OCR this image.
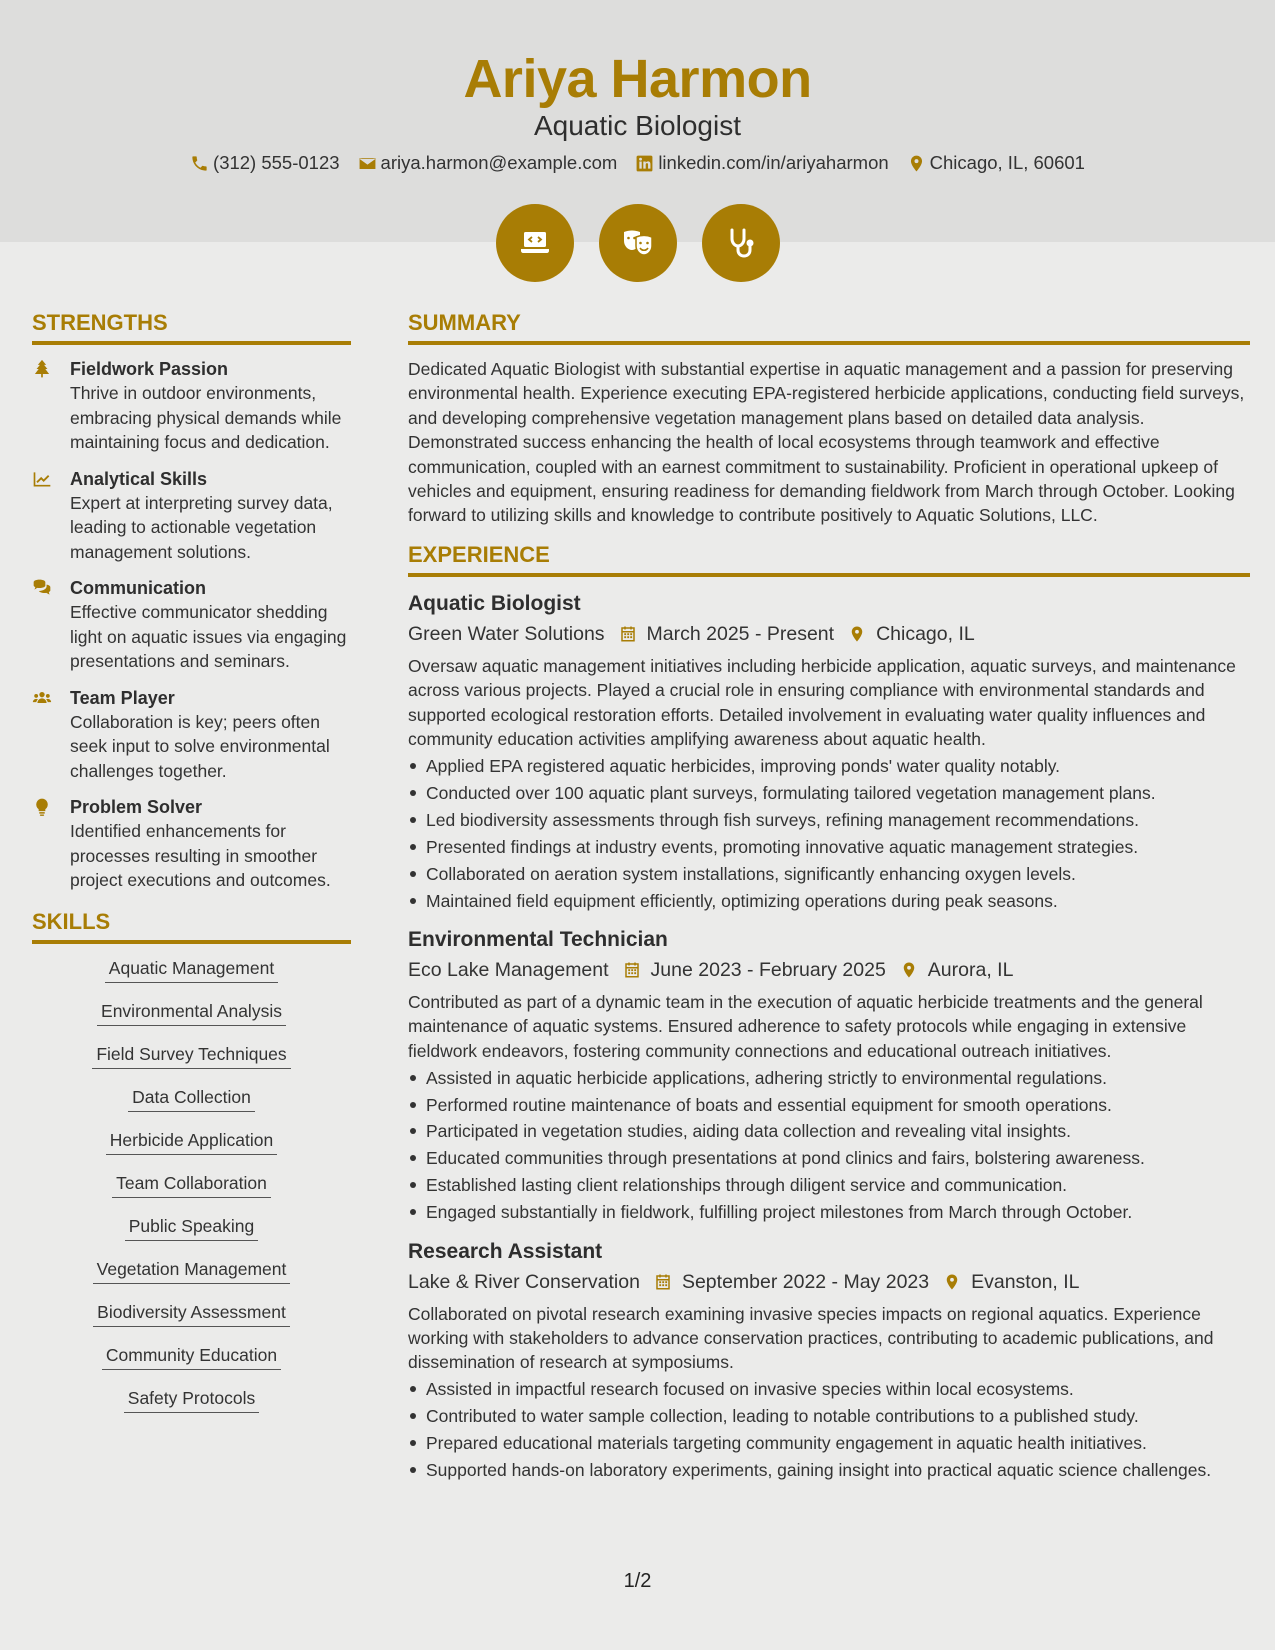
Ariya Harmon
Aquatic Biologist
(312) 555-0123 ariya.harmon@example.com linkedin.com/in/ariyaharmon Chicago, IL, 60601
STRENGTHS
Fieldwork Passion
Thrive in outdoor environments, embracing physical demands while maintaining focus and dedication.
Analytical Skills
Expert at interpreting survey data, leading to actionable vegetation management solutions.
Communication
Effective communicator shedding light on aquatic issues via engaging presentations and seminars.
Team Player
Collaboration is key; peers often seek input to solve environmental challenges together.
Problem Solver
Identified enhancements for processes resulting in smoother project executions and outcomes.
SKILLS
Aquatic Management
Environmental Analysis
Field Survey Techniques
Data Collection
Herbicide Application
Team Collaboration
Public Speaking
Vegetation Management
Biodiversity Assessment
Community Education
Safety Protocols
SUMMARY
Dedicated Aquatic Biologist with substantial expertise in aquatic management and a passion for preserving environmental health. Experience executing EPA-registered herbicide applications, conducting field surveys, and developing comprehensive vegetation management plans based on detailed data analysis. Demonstrated success enhancing the health of local ecosystems through teamwork and effective communication, coupled with an earnest commitment to sustainability. Proficient in operational upkeep of vehicles and equipment, ensuring readiness for demanding fieldwork from March through October. Looking forward to utilizing skills and knowledge to contribute positively to Aquatic Solutions, LLC.
EXPERIENCE
Aquatic Biologist
Green Water Solutions March 2025 - Present Chicago, IL
Oversaw aquatic management initiatives including herbicide application, aquatic surveys, and maintenance across various projects. Played a crucial role in ensuring compliance with environmental standards and supported ecological restoration efforts. Detailed involvement in evaluating water quality influences and community education activities amplifying awareness about aquatic health.
Applied EPA registered aquatic herbicides, improving ponds' water quality notably.
Conducted over 100 aquatic plant surveys, formulating tailored vegetation management plans.
Led biodiversity assessments through fish surveys, refining management recommendations.
Presented findings at industry events, promoting innovative aquatic management strategies.
Collaborated on aeration system installations, significantly enhancing oxygen levels.
Maintained field equipment efficiently, optimizing operations during peak seasons.
Environmental Technician
Eco Lake Management June 2023 - February 2025 Aurora, IL
Contributed as part of a dynamic team in the execution of aquatic herbicide treatments and the general maintenance of aquatic systems. Ensured adherence to safety protocols while engaging in extensive fieldwork endeavors, fostering community connections and educational outreach initiatives.
Assisted in aquatic herbicide applications, adhering strictly to environmental regulations.
Performed routine maintenance of boats and essential equipment for smooth operations.
Participated in vegetation studies, aiding data collection and revealing vital insights.
Educated communities through presentations at pond clinics and fairs, bolstering awareness.
Established lasting client relationships through diligent service and communication.
Engaged substantially in fieldwork, fulfilling project milestones from March through October.
Research Assistant
Lake & River Conservation September 2022 - May 2023 Evanston, IL
Collaborated on pivotal research examining invasive species impacts on regional aquatics. Experience working with stakeholders to advance conservation practices, contributing to academic publications, and dissemination of research at symposiums.
Assisted in impactful research focused on invasive species within local ecosystems.
Contributed to water sample collection, leading to notable contributions to a published study.
Prepared educational materials targeting community engagement in aquatic health initiatives.
Supported hands-on laboratory experiments, gaining insight into practical aquatic science challenges.
1/2
